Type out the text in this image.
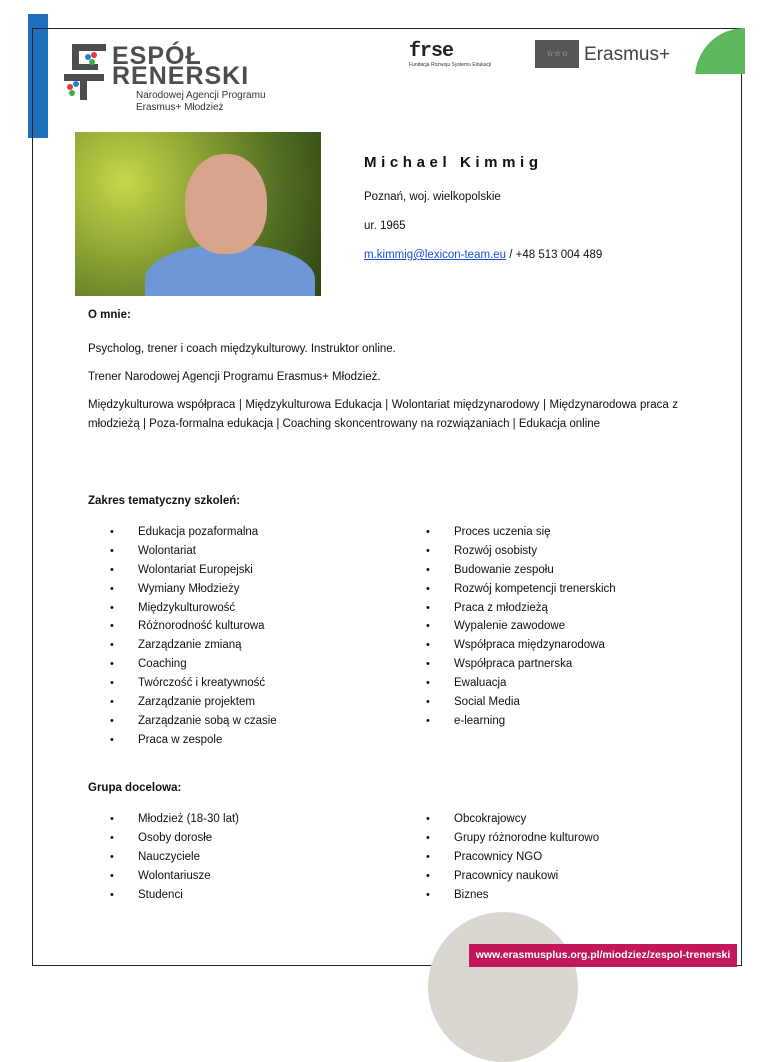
ESPÓŁ
RENERSKI
Narodowej Agencji Programu
Erasmus+ Młodzież
frse
Fundacja Rozwoju Systemu Edukacji
☆ ☆ ☆ Erasmus+
Michael Kimmig
Poznań, woj. wielkopolskie
ur. 1965
m.kimmig@lexicon-team.eu / +48 513 004 489
O mnie:
Psycholog, trener i coach międzykulturowy. Instruktor online.
Trener Narodowej Agencji Programu Erasmus+ Młodzież.
Międzykulturowa współpraca | Międzykulturowa Edukacja | Wolontariat międzynarodowy | Międzynarodowa praca z młodzieżą | Poza-formalna edukacja | Coaching skoncentrowany na rozwiązaniach | Edukacja online
Zakres tematyczny szkoleń:
• Edukacja pozaformalna
• Wolontariat
• Wolontariat Europejski
• Wymiany Młodzieży
• Międzykulturowość
• Różnorodność kulturowa
• Zarządzanie zmianą
• Coaching
• Twórczość i kreatywność
• Zarządzanie projektem
• Zarządzanie sobą w czasie
• Praca w zespole
• Proces uczenia się
• Rozwój osobisty
• Budowanie zespołu
• Rozwój kompetencji trenerskich
• Praca z młodzieżą
• Wypalenie zawodowe
• Współpraca międzynarodowa
• Współpraca partnerska
• Ewaluacja
• Social Media
• e-learning
Grupa docelowa:
• Młodzież (18-30 lat)
• Osoby dorosłe
• Nauczyciele
• Wolontariusze
• Studenci
• Obcokrajowcy
• Grupy różnorodne kulturowo
• Pracownicy NGO
• Pracownicy naukowi
• Biznes
www.erasmusplus.org.pl/miodziez/zespol-trenerski
